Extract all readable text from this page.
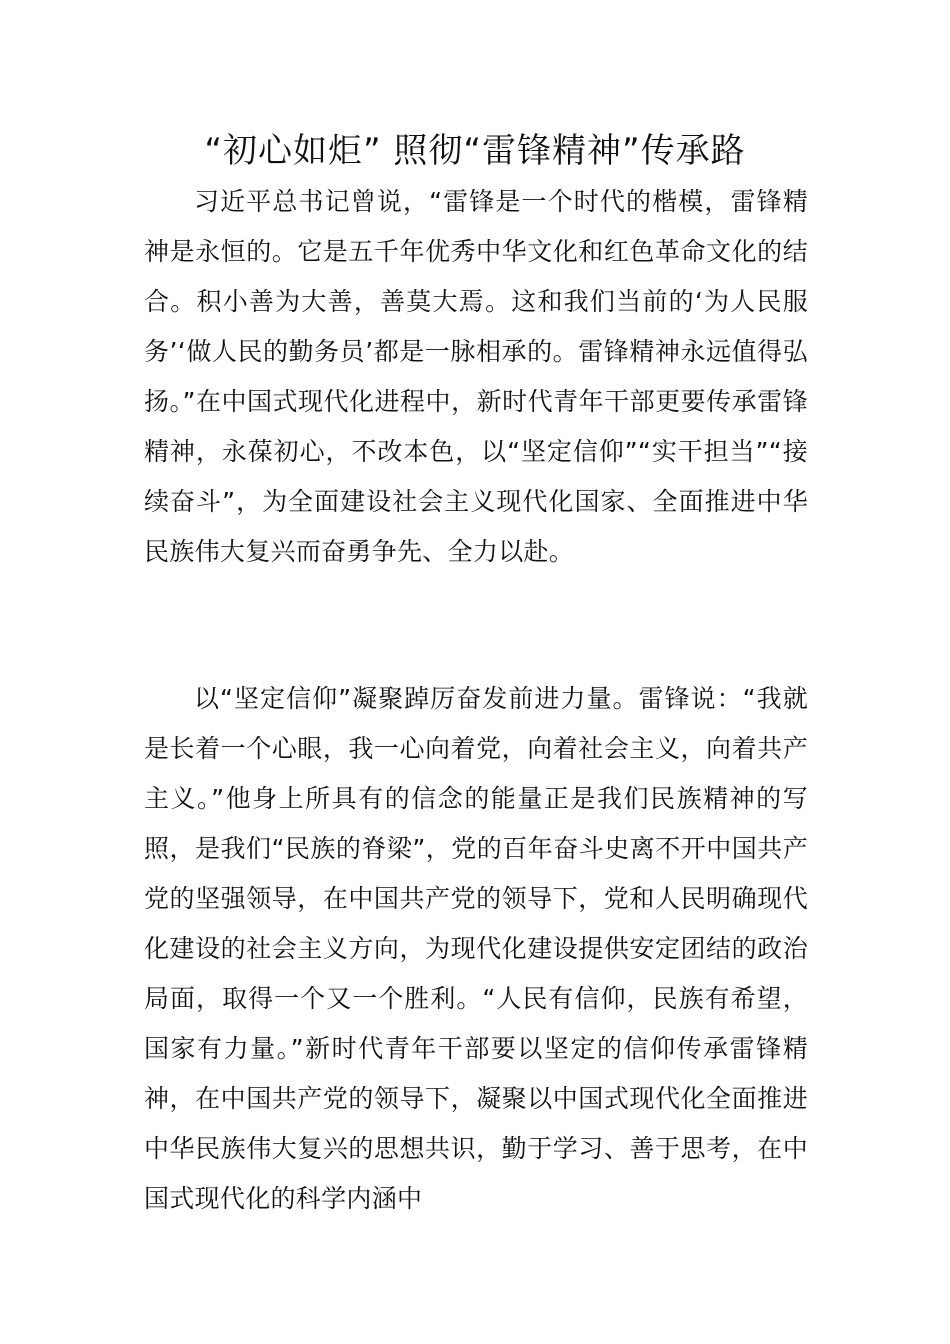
“初心如炬” 照彻“雷锋精神”传承路

习近平总书记曾说，“雷锋是一个时代的楷模，雷锋精神是永恒的。它是五千年优秀中华文化和红色革命文化的结合。积小善为大善，善莫大焉。这和我们当前的‘为人民服务’‘做人民的勤务员’都是一脉相承的。雷锋精神永远值得弘扬。”在中国式现代化进程中，新时代青年干部更要传承雷锋精神，永葆初心，不改本色，以“坚定信仰”“实干担当”“接续奋斗”，为全面建设社会主义现代化国家、全面推进中华民族伟大复兴而奋勇争先、全力以赴。

以“坚定信仰”凝聚踔厉奋发前进力量。雷锋说：“我就是长着一个心眼，我一心向着党，向着社会主义，向着共产主义。”他身上所具有的信念的能量正是我们民族精神的写照，是我们“民族的脊梁”，党的百年奋斗史离不开中国共产党的坚强领导，在中国共产党的领导下，党和人民明确现代化建设的社会主义方向，为现代化建设提供安定团结的政治局面，取得一个又一个胜利。“人民有信仰，民族有希望，国家有力量。”新时代青年干部要以坚定的信仰传承雷锋精神，在中国共产党的领导下，凝聚以中国式现代化全面推进中华民族伟大复兴的思想共识，勤于学习、善于思考，在中国式现代化的科学内涵中
